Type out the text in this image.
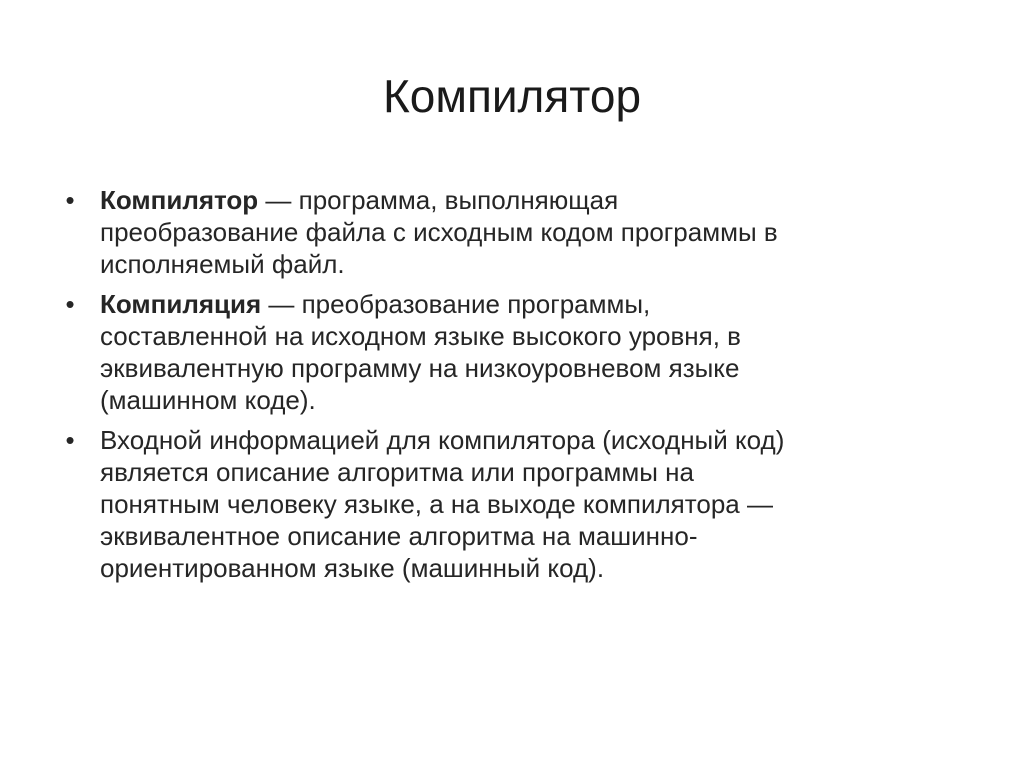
Компилятор
• Компилятор — программа, выполняющая
преобразование файла с исходным кодом программы в
исполняемый файл.
• Компиляция — преобразование программы,
составленной на исходном языке высокого уровня, в
эквивалентную программу на низкоуровневом языке
(машинном коде).
• Входной информацией для компилятора (исходный код)
является описание алгоритма или программы на
понятным человеку языке, а на выходе компилятора —
эквивалентное описание алгоритма на машинно-
ориентированном языке (машинный код).
